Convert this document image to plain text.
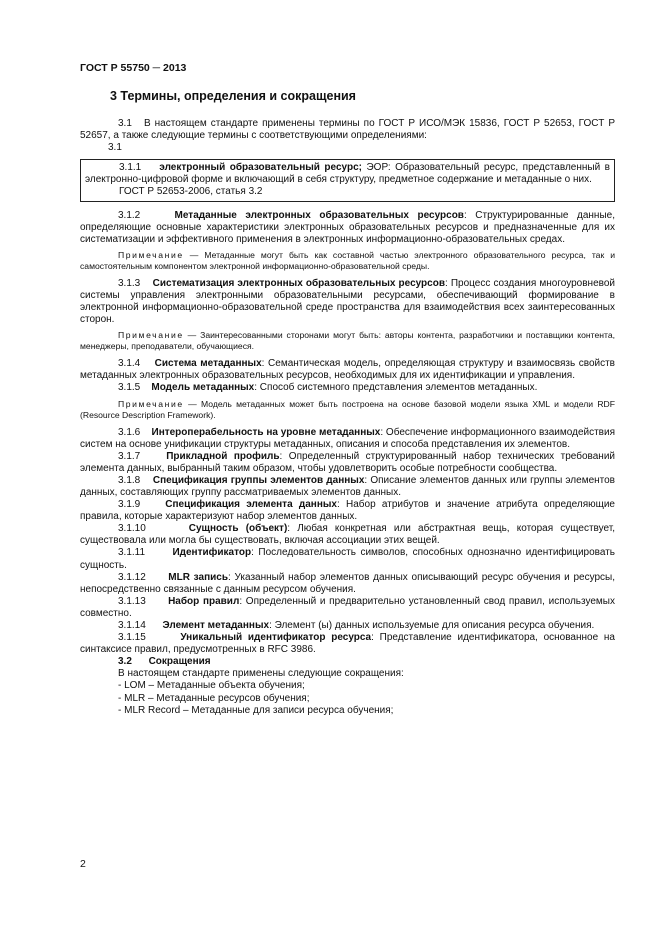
ГОСТ Р 55750 ─ 2013
3 Термины, определения и сокращения

3.1 В настоящем стандарте применены термины по ГОСТ Р ИСО/МЭК 15836, ГОСТ Р 52653, ГОСТ Р 52657, а также следующие термины с соответствующими определениями:

3.1

3.1.1 электронный образовательный ресурс; ЭОР: Образовательный ресурс, представленный в электронно-цифровой форме и включающий в себя структуру, предметное содержание и метаданные о них.

ГОСТ Р 52653-2006, статья 3.2

3.1.2	Метаданные электронных образовательных ресурсов: Структурированные данные, определяющие основные характеристики электронных образовательных ресурсов и предназначенные для их систематизации и эффективного применения в электронных информационно-образовательных средах.

Примечание — Метаданные могут быть как составной частью электронного образовательного ресурса, так и самостоятельным компонентом электронной информационно-образовательной среды.

3.1.3 Систематизация электронных образовательных ресурсов: Процесс создания многоуровневой системы управления электронными образовательными ресурсами, обеспечивающий формирование в электронной информационно-образовательной среде пространства для взаимодействия всех заинтересованных сторон.

Примечание — Заинтересованными сторонами могут быть: авторы контента, разработчики и поставщики контента, менеджеры, преподаватели, обучающиеся.

3.1.4 Система метаданных: Семантическая модель, определяющая структуру и взаимосвязь свойств метаданных электронных образовательных ресурсов, необходимых для их идентификации и управления.

3.1.5 Модель метаданных: Способ системного представления элементов метаданных.

Примечание — Модель метаданных может быть построена на основе базовой модели языка XML и модели RDF (Resource Description Framework).

3.1.6 Интероперабельность на уровне метаданных: Обеспечение информационного взаимодействия систем на основе унификации структуры метаданных, описания и способа представления их элементов.

3.1.7	Прикладной профиль: Определенный структурированный набор технических требований элемента данных, выбранный таким образом, чтобы удовлетворить особые потребности сообщества.

3.1.8 Спецификация группы элементов данных: Описание элементов данных или группы элементов данных, составляющих группу рассматриваемых элементов данных.

3.1.9	Спецификация элемента данных: Набор атрибутов и значение атрибута определяющие правила, которые характеризуют набор элементов данных.

3.1.10	Сущность (объект): Любая конкретная или абстрактная вещь, которая существует, существовала или могла бы существовать, включая ассоциации этих вещей.

3.1.11	Идентификатор: Последовательность символов, способных однозначно идентифицировать сущность.

3.1.12 MLR запись: Указанный набор элементов данных описывающий ресурс обучения и ресурсы, непосредственно связанные с данным ресурсом обучения.

3.1.13 Набор правил: Определенный и предварительно установленный свод правил, используемых совместно.

3.1.14 Элемент метаданных: Элемент (ы) данных используемые для описания ресурса обучения.

3.1.15	Уникальный идентификатор ресурса: Представление идентификатора, основанное на синтаксисе правил, предусмотренных в RFC 3986.

3.2 Сокращения

В настоящем стандарте применены следующие сокращения:

- LOM – Метаданные объекта обучения;

- MLR – Метаданные ресурсов обучения;

- MLR Record – Метаданные для записи ресурса обучения;

2
